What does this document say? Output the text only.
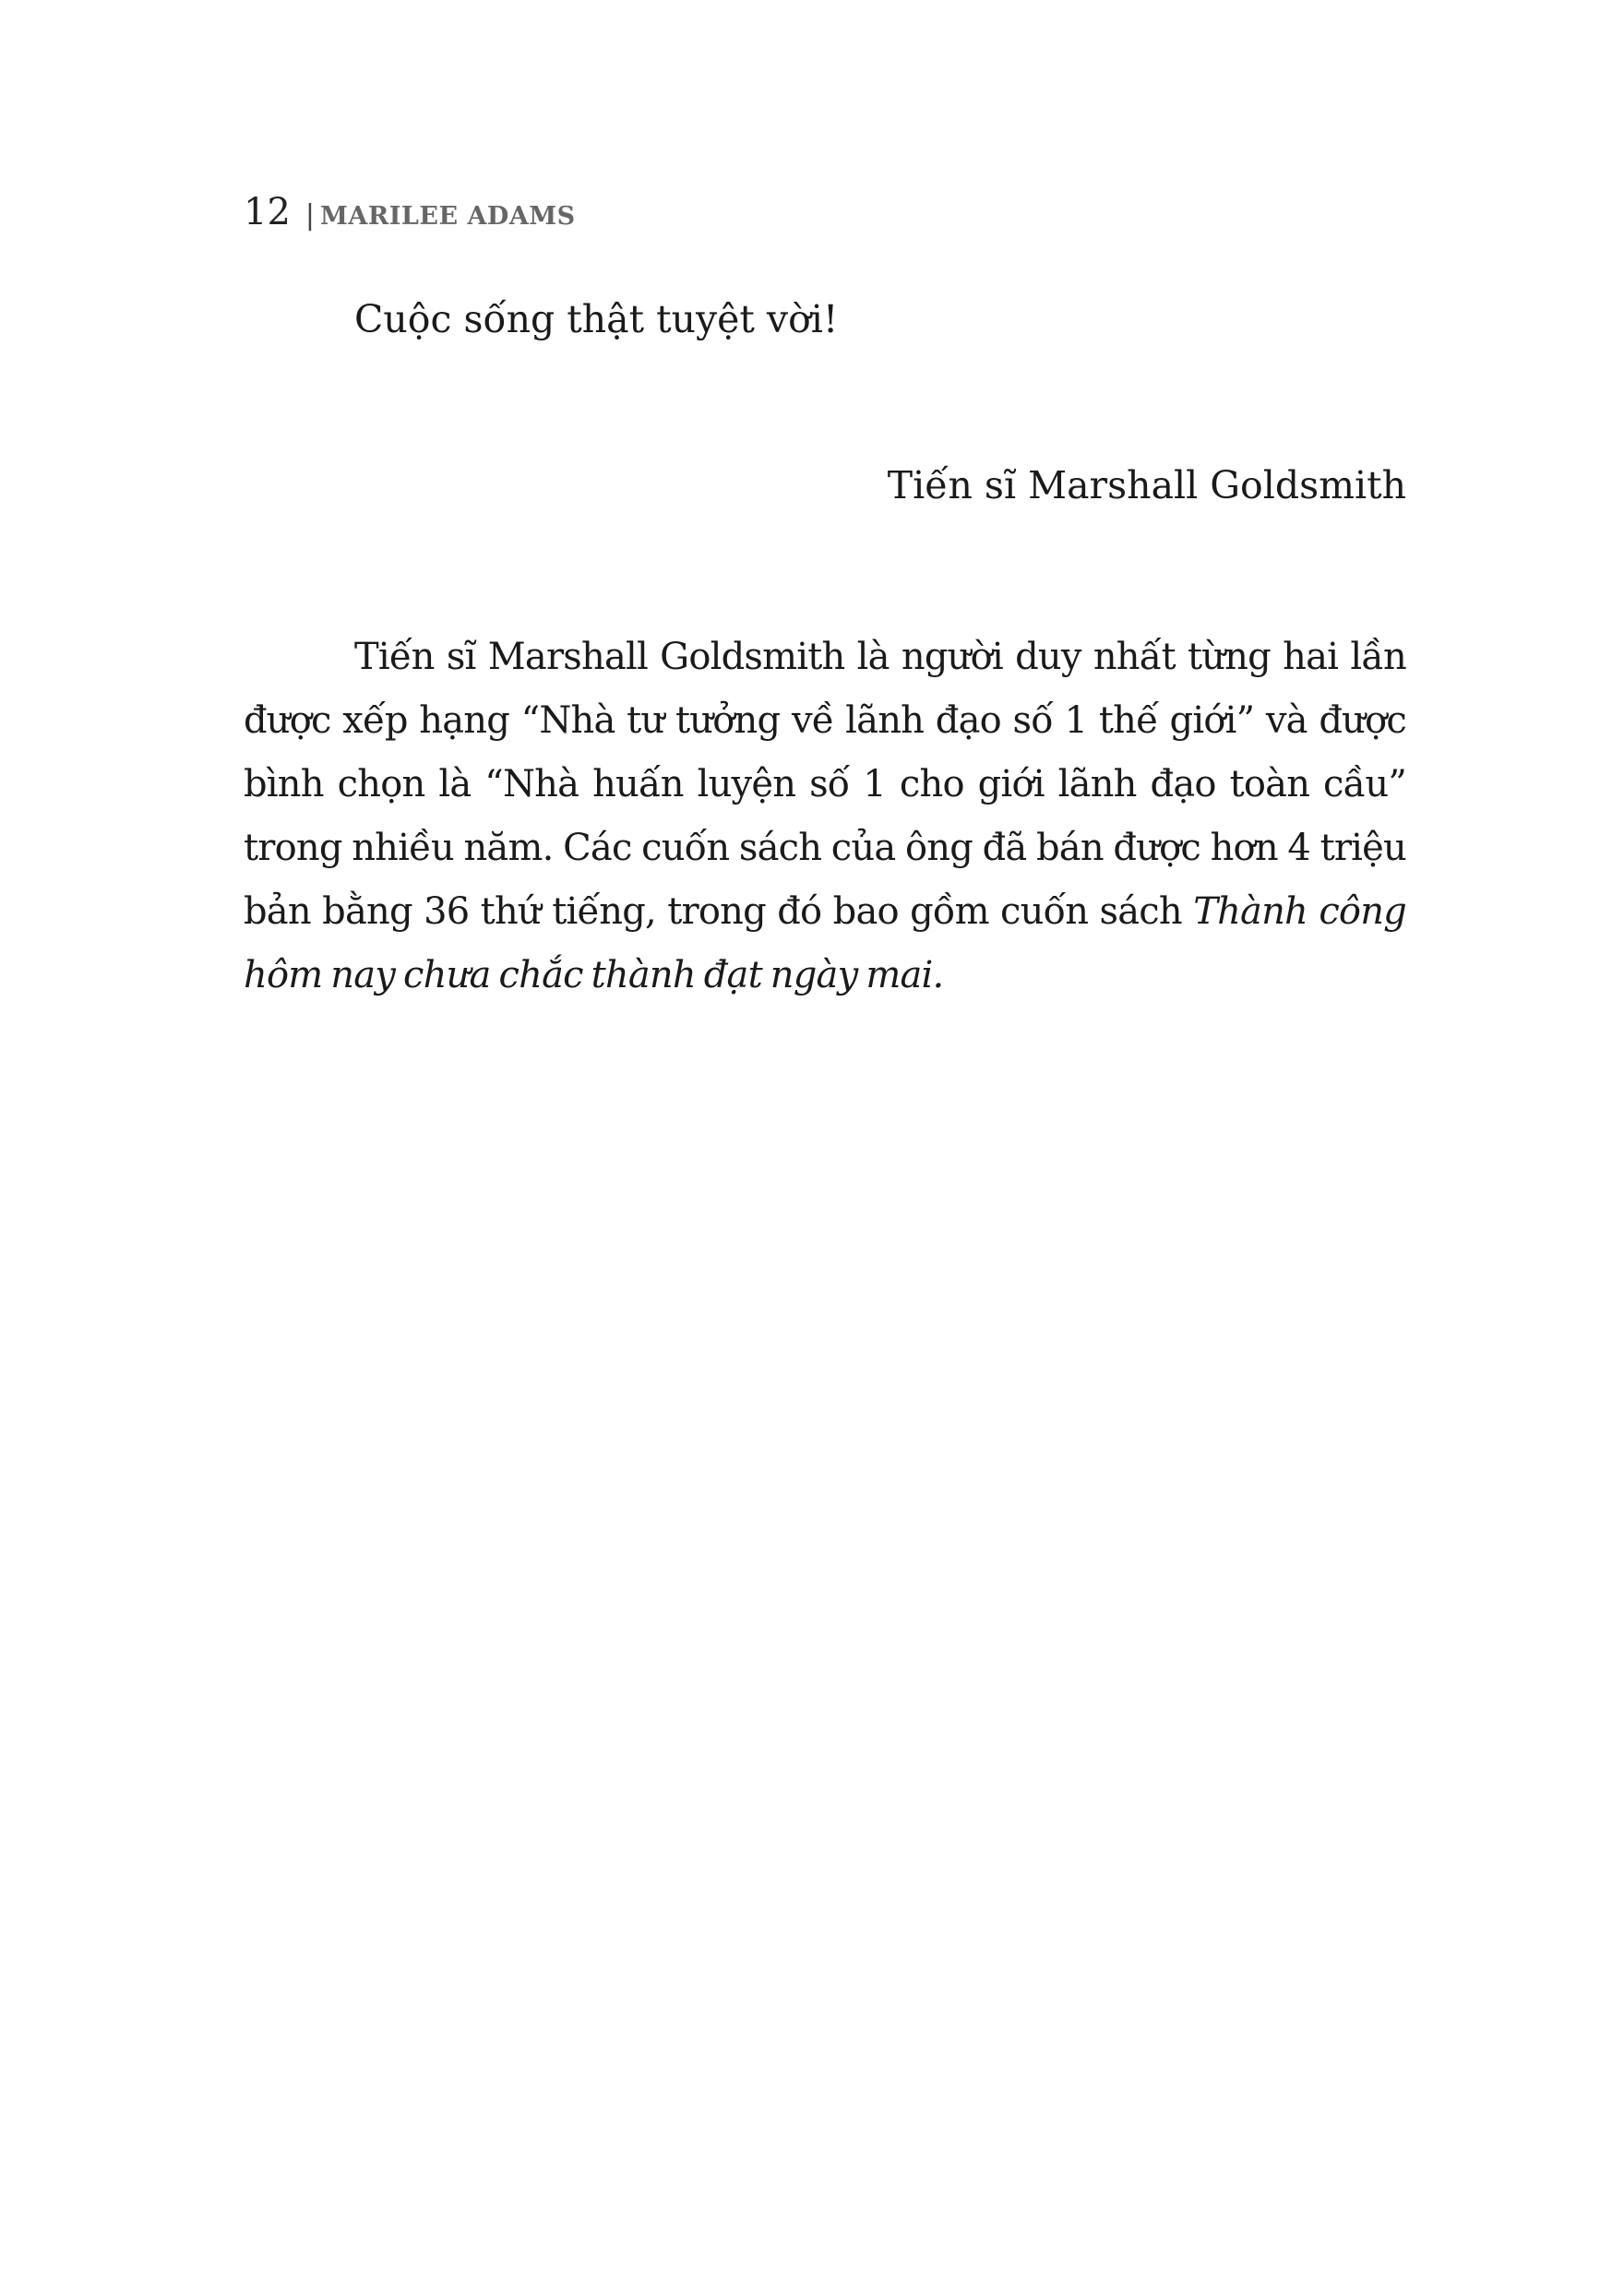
12 | MARILEE ADAMS
Cuộc sống thật tuyệt vời!
Tiến sĩ Marshall Goldsmith

Tiến sĩ Marshall Goldsmith là người duy nhất từng hai lần được xếp hạng “Nhà tư tưởng về lãnh đạo số 1 thế giới” và được bình chọn là “Nhà huấn luyện số 1 cho giới lãnh đạo toàn cầu” trong nhiều năm. Các cuốn sách của ông đã bán được hơn 4 triệu bản bằng 36 thứ tiếng, trong đó bao gồm cuốn sách Thành công hôm nay chưa chắc thành đạt ngày mai.
